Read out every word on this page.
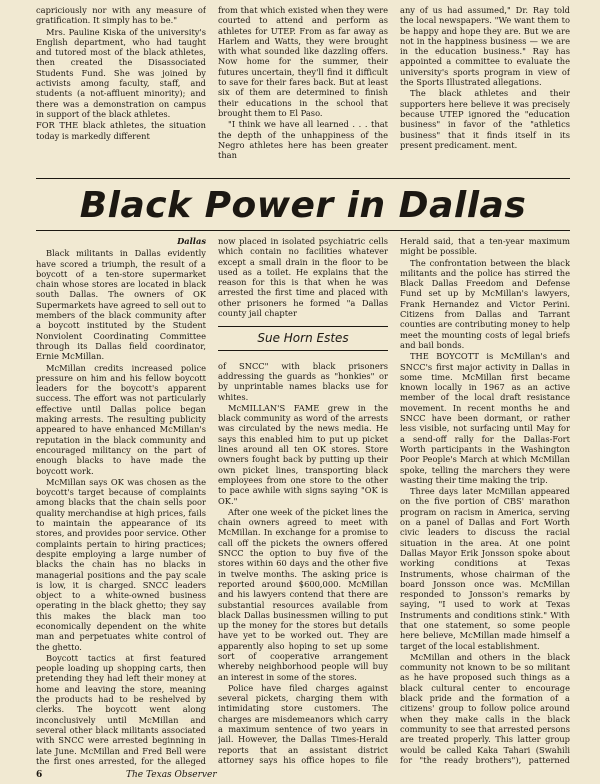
capriciously nor with any measure of gratification. It simply has to be."

Mrs. Pauline Kiska of the university's English department, who had taught and tutored most of the black athletes, then created the Disassociated Students Fund. She was joined by activists among faculty, staff, and students (a not-affluent minority); and there was a demonstration on campus in support of the black athletes.

FOR THE black athletes, the situation today is markedly different

from that which existed when they were courted to attend and perform as athletes for UTEP. From as far away as Harlem and Watts, they were brought with what sounded like dazzling offers. Now home for the summer, their futures uncertain, they'll find it difficult to save for their fares back. But at least six of them are determined to finish their educations in the school that brought them to El Paso.

"I think we have all learned . . . that the depth of the unhappiness of the Negro athletes here has been greater than

any of us had assumed," Dr. Ray told the local newspapers. "We want them to be happy and hope they are. But we are not in the happiness business — we are in the education business." Ray has appointed a committee to evaluate the university's sports program in view of the Sports Illustrated allegations.

The black athletes and their supporters here believe it was precisely because UTEP ignored the "education business" in favor of the "athletics business" that it finds itself in its present predicament. ment.

Black Power in Dallas
Dallas

Black militants in Dallas evidently have scored a triumph, the result of a boycott of a ten-store supermarket chain whose stores are located in black south Dallas. The owners of OK Supermarkets have agreed to sell out to members of the black community after a boycott instituted by the Student Nonviolent Coordinating Committee through its Dallas field coordinator, Ernie McMillan.

McMillan credits increased police pressure on him and his fellow boycott leaders for the boycott's apparent success. The effort was not particularly effective until Dallas police began making arrests. The resulting publicity appeared to have enhanced McMillan's reputation in the black community and encouraged militancy on the part of enough blacks to have made the boycott work.

McMillan says OK was chosen as the boycott's target because of complaints among blacks that the chain sells poor quality merchandise at high prices, fails to maintain the appearance of its stores, and provides poor service. Other complaints pertain to hiring practices; despite employing a large number of blacks the chain has no blacks in managerial positions and the pay scale is low, it is charged. SNCC leaders object to a white-owned business operating in the black ghetto; they say this makes the black man too economically dependent on the white man and perpetuates white control of the ghetto.

Boycott tactics at first featured people loading up shopping carts, then pretending they had left their money at home and leaving the store, meaning the products had to be reshelved by clerks. The boycott went along inconclusively until McMillan and several other black militants associated with SNCC were arrested beginning in late June. McMillan and Fred Bell were the first ones arrested, for the alleged

now placed in isolated psychiatric cells which contain no facilities whatever except a small drain in the floor to be used as a toilet. He explains that the reason for this is that when he was arrested the first time and placed with other prisoners he formed "a Dallas county jail chapter

Sue Horn Estes

of SNCC" with black prisoners addressing the guards as "honkies" or by unprintable names blacks use for whites.

McMILLAN'S FAME grew in the black community as word of the arrests was circulated by the news media. He says this enabled him to put up picket lines around all ten OK stores. Store owners fought back by putting up their own picket lines, transporting black employees from one store to the other to pace awhile with signs saying "OK is OK."

After one week of the picket lines the chain owners agreed to meet with McMillan. In exchange for a promise to call off the pickets the owners offered SNCC the option to buy five of the stores within 60 days and the other five in twelve months. The asking price is reported around $600,000. McMillan and his lawyers contend that there are substantial resources available from black Dallas businessmen willing to put up the money for the stores but details have yet to be worked out. They are apparently also hoping to set up some sort of cooperative arrangement whereby neighborhood people will buy an interest in some of the stores.

Police have filed charges against several pickets, charging them with intimidating store customers. The charges are misdemeanors which carry a maximum sentence of two years in jail. However, the Dallas Times-Herald reports that an assistant district attorney says his office hopes to file

Herald said, that a ten-year maximum might be possible.

The confrontation between the black militants and the police has stirred the Black Dallas Freedom and Defense Fund set up by McMillan's lawyers, Frank Hernandez and Victor Perini. Citizens from Dallas and Tarrant counties are contributing money to help meet the mounting costs of legal briefs and bail bonds.

THE BOYCOTT is McMillan's and SNCC's first major activity in Dallas in some time. McMillan first became known locally in 1967 as an active member of the local draft resistance movement. In recent months he and SNCC have been dormant, or rather less visible, not surfacing until May for a send-off rally for the Dallas-Fort Worth participants in the Washington Poor People's March at which McMillan spoke, telling the marchers they were wasting their time making the trip.

Three days later McMillan appeared on the five portion of CBS' marathon program on racism in America, serving on a panel of Dallas and Fort Worth civic leaders to discuss the racial situation in the area. At one point Dallas Mayor Erik Jonsson spoke about working conditions at Texas Instruments, whose chairman of the board Jonsson once was. McMillan responded to Jonsson's remarks by saying, "I used to work at Texas Instruments and conditions stink." With that one statement, so some people here believe, McMillan made himself a target of the local establishment.

McMillan and others in the black community not known to be so militant as he have proposed such things as a black cultural center to encourage black pride and the formation of a citizens' group to follow police around when they make calls in the black community to see that arrested persons are treated properly. This latter group would be called Kaka Tahari (Swahili for "the ready brothers"), patterned

6	The Texas Observer
